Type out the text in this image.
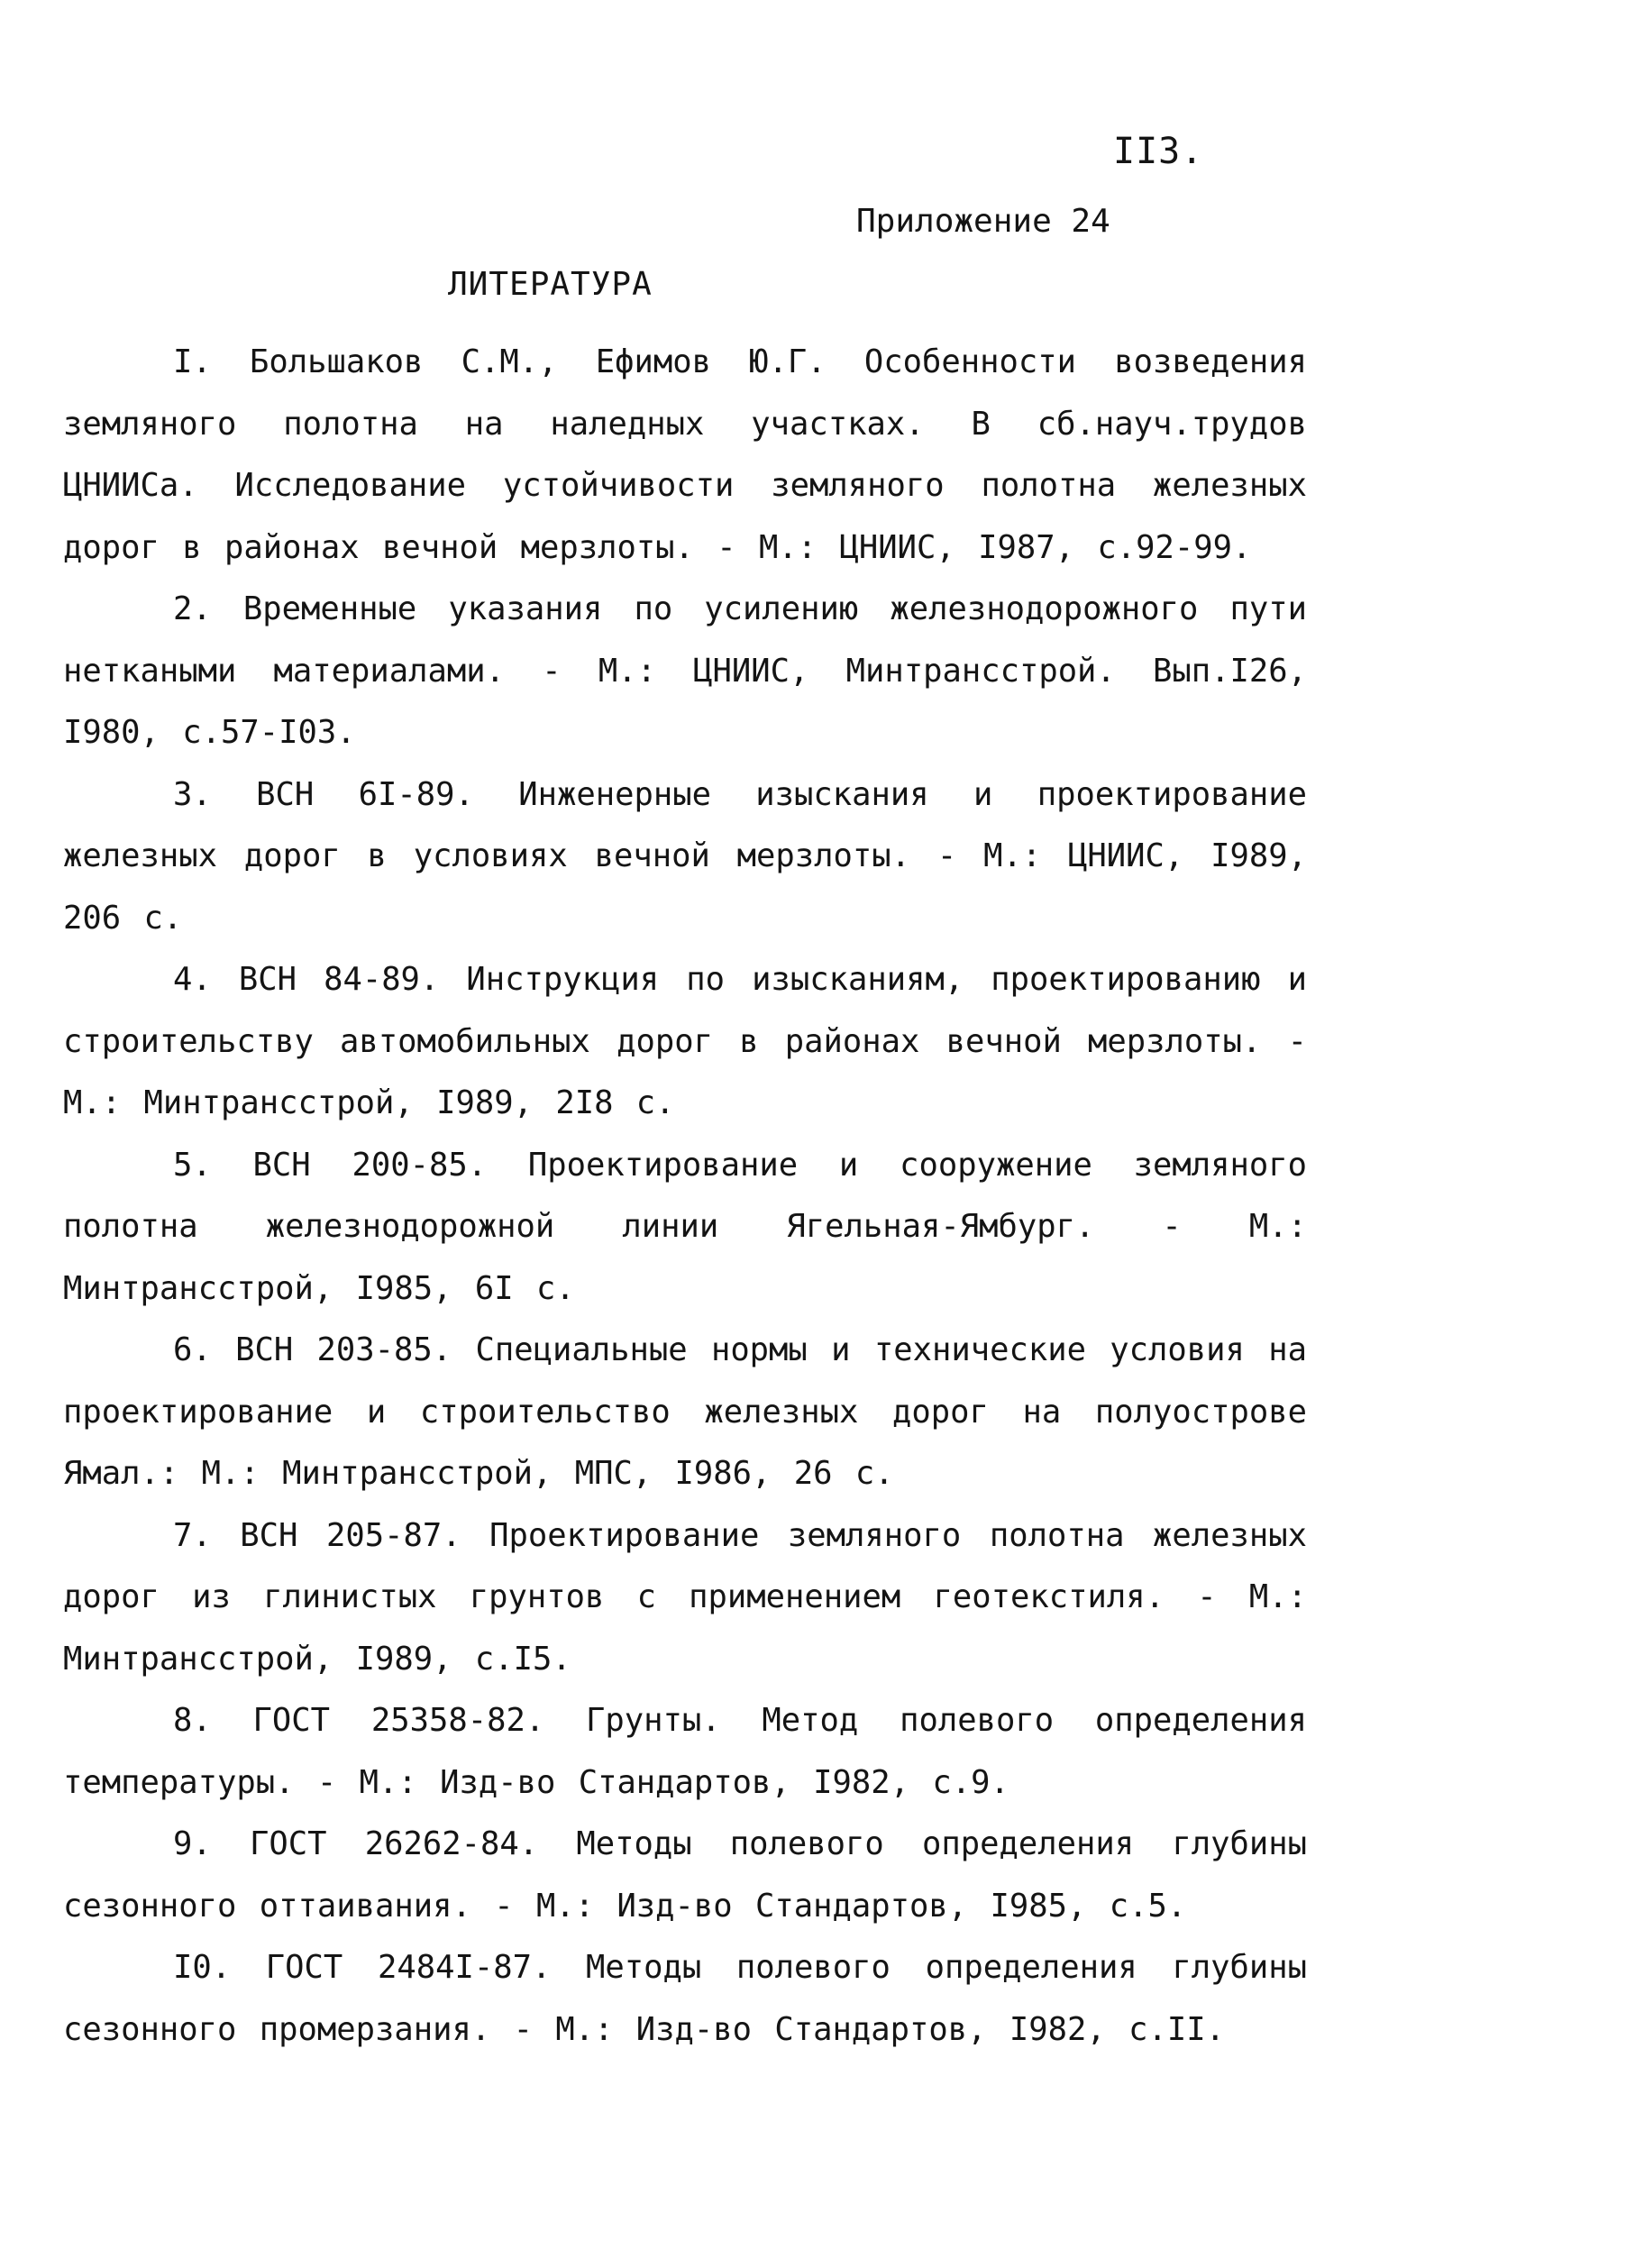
II3.
Приложение 24
ЛИТЕРАТУРА

I. Большаков С.М., Ефимов Ю.Г. Особенности возведения земляного полотна на наледных участках. В сб.науч.трудов ЦНИИСа. Исследование устойчивости земляного полотна железных дорог в районах вечной мерзлоты. - М.: ЦНИИС, I987, с.92-99.

2. Временные указания по усилению железнодорожного пути неткаными материалами. - М.: ЦНИИС, Минтрансстрой. Вып.I26, I980, с.57-I03.

3. ВСН 6I-89. Инженерные изыскания и проектирование железных дорог в условиях вечной мерзлоты. - М.: ЦНИИС, I989, 206 с.

4. ВСН 84-89. Инструкция по изысканиям, проектированию и строительству автомобильных дорог в районах вечной мерзлоты. - М.: Минтрансстрой, I989, 2I8 с.

5. ВСН 200-85. Проектирование и сооружение земляного полотна железнодорожной линии Ягельная-Ямбург. - М.: Минтрансстрой, I985, 6I с.

6. ВСН 203-85. Специальные нормы и технические условия на проектирование и строительство железных дорог на полуострове Ямал.: М.: Минтрансстрой, МПС, I986, 26 с.

7. ВСН 205-87. Проектирование земляного полотна железных дорог из глинистых грунтов с применением геотекстиля. - М.: Минтрансстрой, I989, с.I5.

8. ГОСТ 25358-82. Грунты. Метод полевого определения температуры. - М.: Изд-во Стандартов, I982, с.9.

9. ГОСТ 26262-84. Методы полевого определения глубины сезонного оттаивания. - М.: Изд-во Стандартов, I985, с.5.

I0. ГОСТ 2484I-87. Методы полевого определения глубины сезонного промерзания. - М.: Изд-во Стандартов, I982, с.II.
